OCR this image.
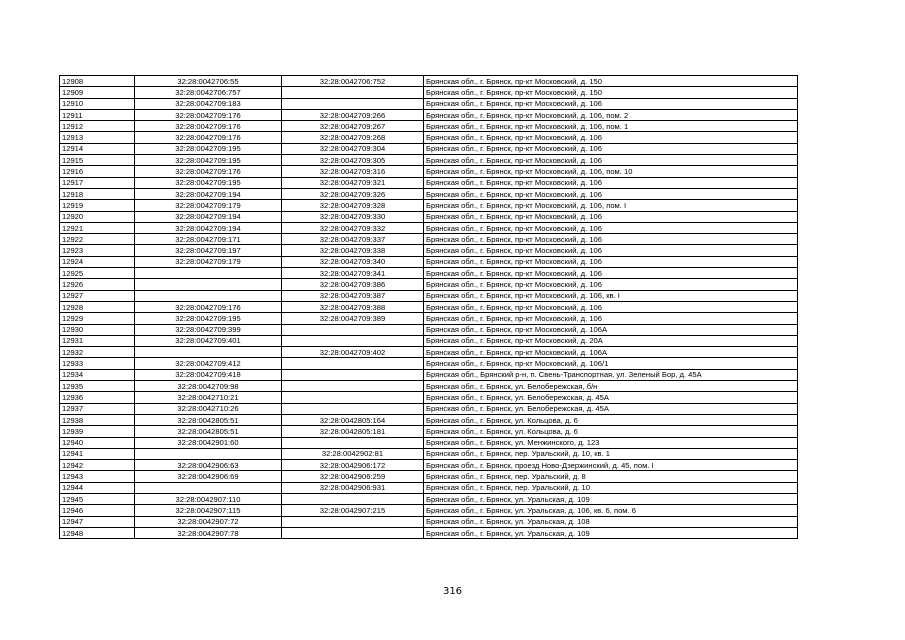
12908	32:28:0042706:55	32:28:0042706:752	Брянская обл., г. Брянск, пр-кт Московский, д. 150
12909	32:28:0042706:757		Брянская обл., г. Брянск, пр-кт Московский, д. 150
12910	32:28:0042709:183		Брянская обл., г. Брянск, пр-кт Московский, д. 106
12911	32:28:0042709:176	32:28:0042709:266	Брянская обл., г. Брянск, пр-кт Московский, д. 106, пом. 2
12912	32:28:0042709:176	32:28:0042709:267	Брянская обл., г. Брянск, пр-кт Московский, д. 106, пом. 1
12913	32:28:0042709:176	32:28:0042709:268	Брянская обл., г. Брянск, пр-кт Московский, д. 106
12914	32:28:0042709:195	32:28:0042709:304	Брянская обл., г. Брянск, пр-кт Московский, д. 106
12915	32:28:0042709:195	32:28:0042709:305	Брянская обл., г. Брянск, пр-кт Московский, д. 106
12916	32:28:0042709:176	32:28:0042709:316	Брянская обл., г. Брянск, пр-кт Московский, д. 106, пом. 10
12917	32:28:0042709:195	32:28:0042709:321	Брянская обл., г. Брянск, пр-кт Московский, д. 106
12918	32:28:0042709:194	32:28:0042709:326	Брянская обл., г. Брянск, пр-кт Московский, д. 106
12919	32:28:0042709:179	32:28:0042709:328	Брянская обл., г. Брянск, пр-кт Московский, д. 106, пом. I
12920	32:28:0042709:194	32:28:0042709:330	Брянская обл., г. Брянск, пр-кт Московский, д. 106
12921	32:28:0042709:194	32:28:0042709:332	Брянская обл., г. Брянск, пр-кт Московский, д. 106
12922	32:28:0042709:171	32:28:0042709:337	Брянская обл., г. Брянск, пр-кт Московский, д. 106
12923	32:28:0042709:197	32:28:0042709:338	Брянская обл., г. Брянск, пр-кт Московский, д. 106
12924	32:28:0042709:179	32:28:0042709:340	Брянская обл., г. Брянск, пр-кт Московский, д. 106
12925		32:28:0042709:341	Брянская обл., г. Брянск, пр-кт Московский, д. 106
12926		32:28:0042709:386	Брянская обл., г. Брянск, пр-кт Московский, д. 106
12927		32:28:0042709:387	Брянская обл., г. Брянск, пр-кт Московский, д. 106, кв. I
12928	32:28:0042709:176	32:28:0042709:388	Брянская обл., г. Брянск, пр-кт Московский, д. 106
12929	32:28:0042709:195	32:28:0042709:389	Брянская обл., г. Брянск, пр-кт Московский, д. 106
12930	32:28:0042709:399		Брянская обл., г. Брянск, пр-кт Московский, д. 106А
12931	32:28:0042709:401		Брянская обл., г. Брянск, пр-кт Московский, д. 20А
12932		32:28:0042709:402	Брянская обл., г. Брянск, пр-кт Московский, д. 106А
12933	32:28:0042709:412		Брянская обл., г. Брянск, пр-кт Московский, д. 106/1
12934	32:28:0042709:418		Брянская обл., Брянский р-н, п. Свень-Транспортная, ул. Зеленый Бор, д. 45А
12935	32:28:0042709:98		Брянская обл., г. Брянск, ул. Белобережская, б/н
12936	32:28:0042710:21		Брянская обл., г. Брянск, ул. Белобережская, д. 45А
12937	32:28:0042710:26		Брянская обл., г. Брянск, ул. Белобережская, д. 45А
12938	32:28:0042805:51	32:28:0042805:164	Брянская обл., г. Брянск, ул. Кольцова, д. 6
12939	32:28:0042805:51	32:28:0042805:181	Брянская обл., г. Брянск, ул. Кольцова, д. 6
12940	32:28:0042901:60		Брянская обл., г. Брянск, ул. Менжинского, д. 123
12941		32:28:0042902:81	Брянская обл., г. Брянск, пер. Уральский, д. 10, кв. 1
12942	32:28:0042906:63	32:28:0042906:172	Брянская обл., г. Брянск, проезд Ново-Дзержинский, д. 45, пом. I
12943	32:28:0042906:69	32:28:0042906:259	Брянская обл., г. Брянск, пер. Уральский, д. 8
12944		32:28:0042906:931	Брянская обл., г. Брянск, пер. Уральский, д. 10
12945	32:28:0042907:110		Брянская обл., г. Брянск, ул. Уральская, д. 109
12946	32:28:0042907:115	32:28:0042907:215	Брянская обл., г. Брянск, ул. Уральская, д. 106, кв. 6, пом. 6
12947	32:28:0042907:72		Брянская обл., г. Брянск, ул. Уральская, д. 108
12948	32:28:0042907:78		Брянская обл., г. Брянск, ул. Уральская, д. 109
316
